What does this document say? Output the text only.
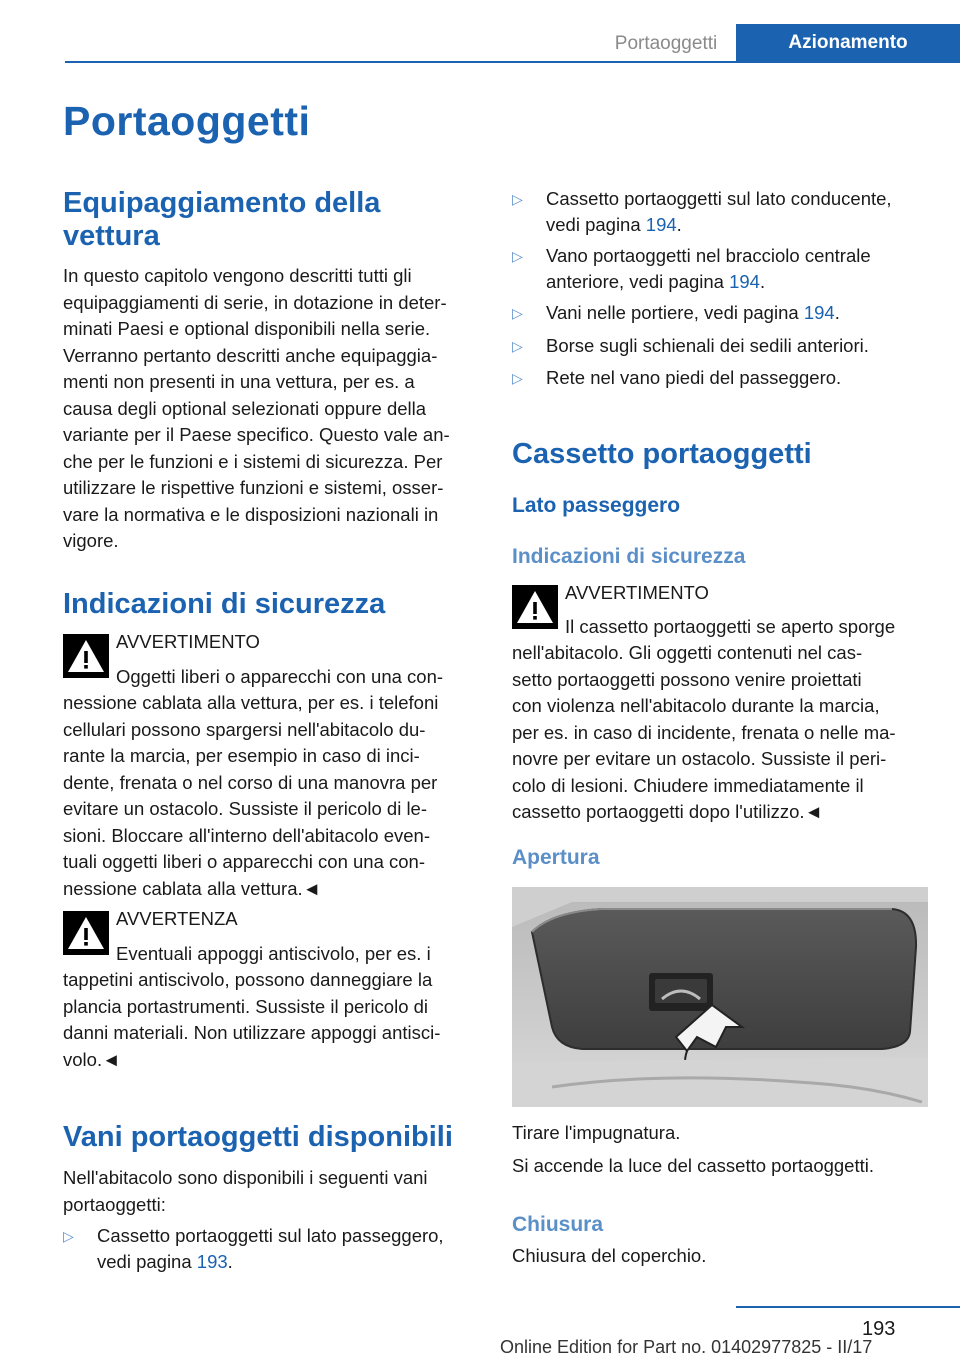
Portaoggetti	Azionamento
Portaoggetti
Equipaggiamento della vettura
In questo capitolo vengono descritti tutti gli
equipaggiamenti di serie, in dotazione in deter-
minati Paesi e optional disponibili nella serie.
Verranno pertanto descritti anche equipaggia-
menti non presenti in una vettura, per es. a
causa degli optional selezionati oppure della
variante per il Paese specifico. Questo vale an-
che per le funzioni e i sistemi di sicurezza. Per
utilizzare le rispettive funzioni e sistemi, osser-
vare la normativa e le disposizioni nazionali in
vigore.
Indicazioni di sicurezza
AVVERTIMENTO
Oggetti liberi o apparecchi con una con-
nessione cablata alla vettura, per es. i telefoni
cellulari possono spargersi nell'abitacolo du-
rante la marcia, per esempio in caso di inci-
dente, frenata o nel corso di una manovra per
evitare un ostacolo. Sussiste il pericolo di le-
sioni. Bloccare all'interno dell'abitacolo even-
tuali oggetti liberi o apparecchi con una con-
nessione cablata alla vettura.◄
AVVERTENZA
Eventuali appoggi antiscivolo, per es. i
tappetini antiscivolo, possono danneggiare la
plancia portastrumenti. Sussiste il pericolo di
danni materiali. Non utilizzare appoggi antisci-
volo.◄
Vani portaoggetti disponibili
Nell'abitacolo sono disponibili i seguenti vani
portaoggetti:
▷ Cassetto portaoggetti sul lato passeggero,
vedi pagina 193.
▷ Cassetto portaoggetti sul lato conducente,
vedi pagina 194.
▷ Vano portaoggetti nel bracciolo centrale
anteriore, vedi pagina 194.
▷ Vani nelle portiere, vedi pagina 194.
▷ Borse sugli schienali dei sedili anteriori.
▷ Rete nel vano piedi del passeggero.
Cassetto portaoggetti
Lato passeggero
Indicazioni di sicurezza
AVVERTIMENTO
Il cassetto portaoggetti se aperto sporge
nell'abitacolo. Gli oggetti contenuti nel cas-
setto portaoggetti possono venire proiettati
con violenza nell'abitacolo durante la marcia,
per es. in caso di incidente, frenata o nelle ma-
novre per evitare un ostacolo. Sussiste il peri-
colo di lesioni. Chiudere immediatamente il
cassetto portaoggetti dopo l'utilizzo.◄
Apertura
Tirare l'impugnatura.
Si accende la luce del cassetto portaoggetti.
Chiusura
Chiusura del coperchio.
193
Online Edition for Part no. 01402977825 - II/17
